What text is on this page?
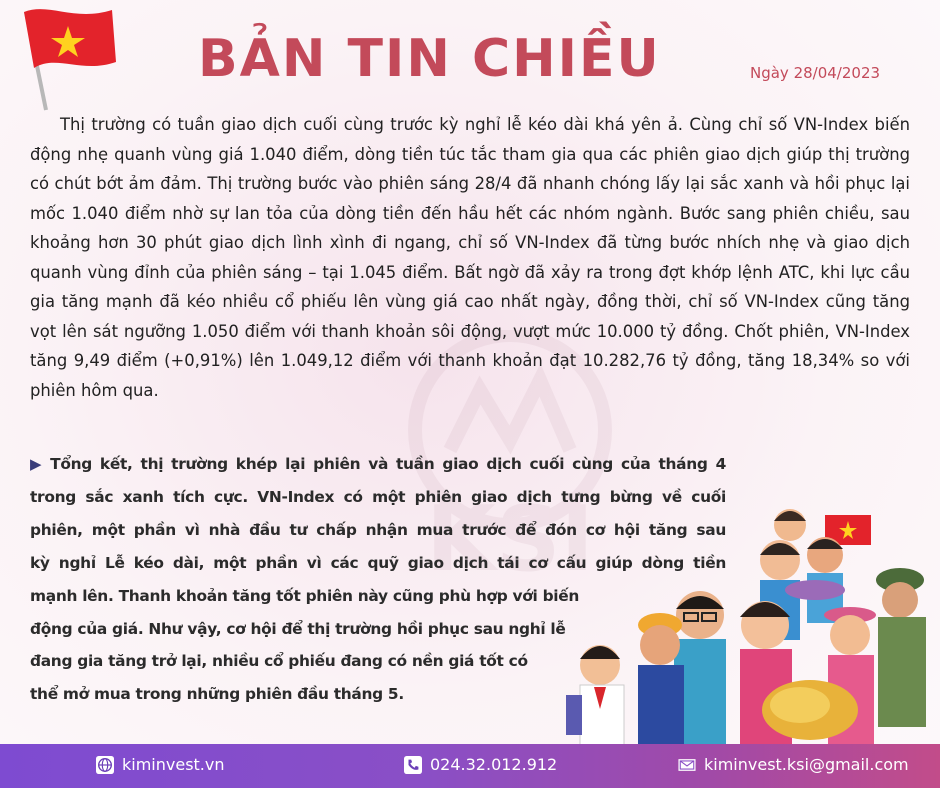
KSI
BẢN TIN CHIỀU	Ngày 28/04/2023

Thị trường có tuần giao dịch cuối cùng trước kỳ nghỉ lễ kéo dài khá yên ả. Cùng chỉ số VN-Index biến động nhẹ quanh vùng giá 1.040 điểm, dòng tiền túc tắc tham gia qua các phiên giao dịch giúp thị trường có chút bớt ảm đảm. Thị trường bước vào phiên sáng 28/4 đã nhanh chóng lấy lại sắc xanh và hồi phục lại mốc 1.040 điểm nhờ sự lan tỏa của dòng tiền đến hầu hết các nhóm ngành. Bước sang phiên chiều, sau khoảng hơn 30 phút giao dịch lình xình đi ngang, chỉ số VN-Index đã từng bước nhích nhẹ và giao dịch quanh vùng đỉnh của phiên sáng – tại 1.045 điểm. Bất ngờ đã xảy ra trong đợt khớp lệnh ATC, khi lực cầu gia tăng mạnh đã kéo nhiều cổ phiếu lên vùng giá cao nhất ngày, đồng thời, chỉ số VN-Index cũng tăng vọt lên sát ngưỡng 1.050 điểm với thanh khoản sôi động, vượt mức 10.000 tỷ đồng. Chốt phiên, VN-Index tăng 9,49 điểm (+0,91%) lên 1.049,12 điểm với thanh khoản đạt 10.282,76 tỷ đồng, tăng 18,34% so với phiên hôm qua.

▶ Tổng kết, thị trường khép lại phiên và tuần giao dịch cuối cùng của tháng 4
trong sắc xanh tích cực. VN-Index có một phiên giao dịch tưng bừng về cuối
phiên, một phần vì nhà đầu tư chấp nhận mua trước để đón cơ hội tăng sau
kỳ nghỉ Lễ kéo dài, một phần vì các quỹ giao dịch tái cơ cấu giúp dòng tiền
mạnh lên. Thanh khoản tăng tốt phiên này cũng phù hợp với biến
động của giá. Như vậy, cơ hội để thị trường hồi phục sau nghỉ lễ
đang gia tăng trở lại, nhiều cổ phiếu đang có nền giá tốt có
thể mở mua trong những phiên đầu tháng 5.
kiminvest.vn	024.32.012.912	kiminvest.ksi@gmail.com
